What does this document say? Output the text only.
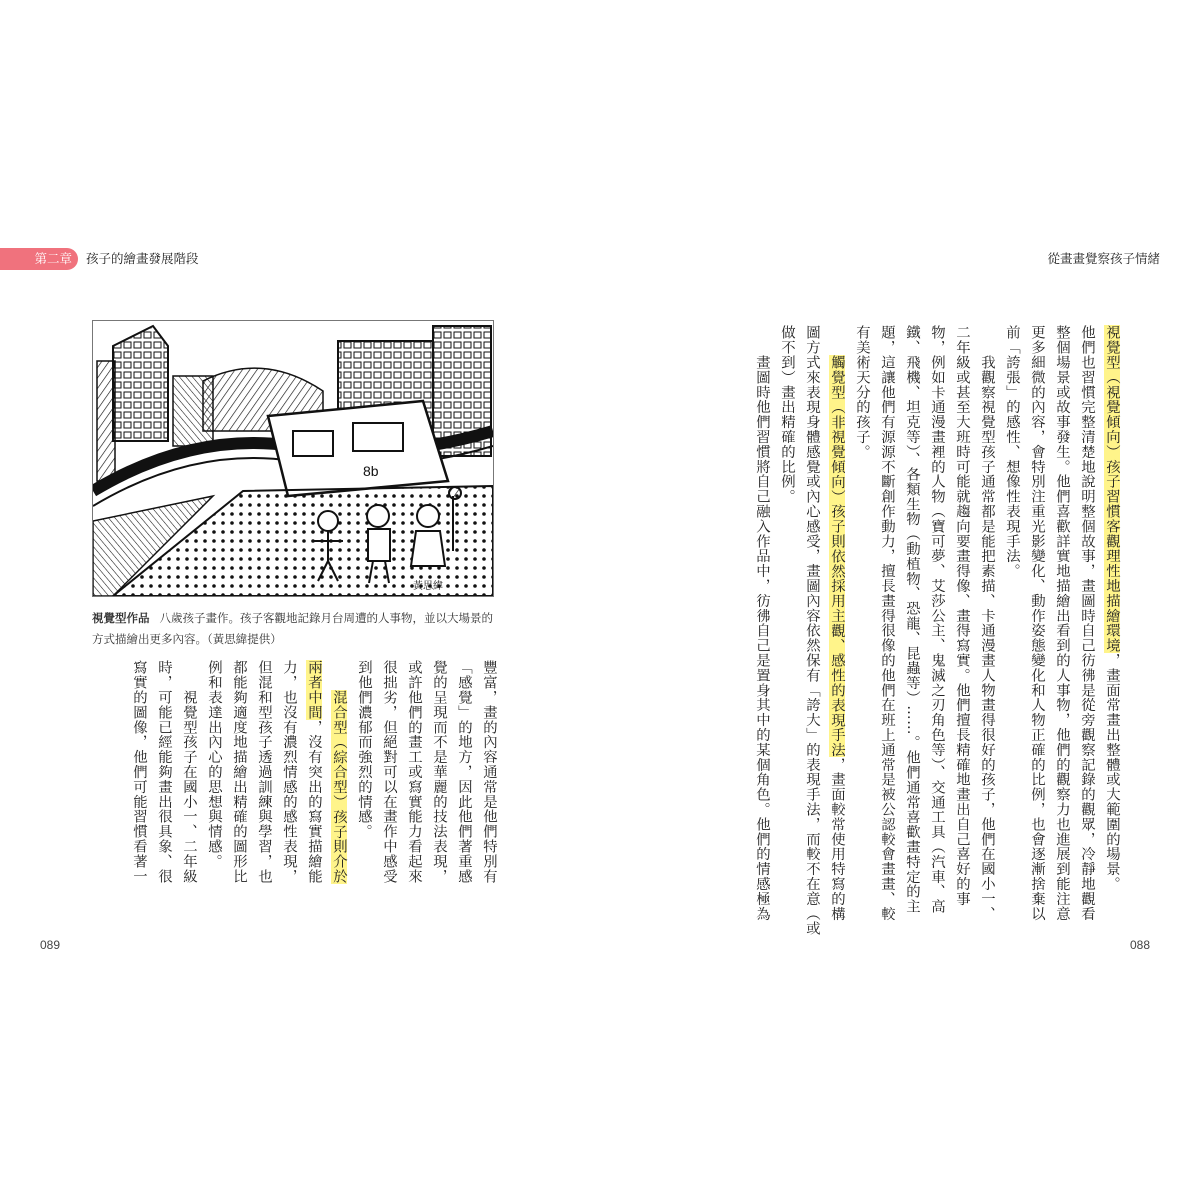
第二章	孩子的繪畫發展階段	從畫畫覺察孩子情緒
8b
黃思緯
視覺型作品 八歲孩子畫作。孩子客觀地記錄月台周遭的人事物，並以大場景的方式描繪出更多內容。（黃思緯提供）
豐富，畫的內容通常是他們特別有
「感覺」的地方，因此他們著重感
覺的呈現而不是華麗的技法表現，
或許他們的畫工或寫實能力看起來
很拙劣，但絕對可以在畫作中感受
到他們濃郁而強烈的情感。
　　混合型（綜合型）孩子則介於
兩者中間，沒有突出的寫實描繪能
力，也沒有濃烈情感的感性表現，
但混和型孩子透過訓練與學習，也
都能夠適度地描繪出精確的圖形比
例和表達出內心的思想與情感。
　　視覺型孩子在國小一、二年級
時，可能已經能夠畫出很具象、很
寫實的圖像，他們可能習慣看著一
視覺型（視覺傾向）孩子習慣客觀理性地描繪環境，畫面常畫出整體或大範圍的場景。
他們也習慣完整清楚地說明整個故事，畫圖時自己彷彿是從旁觀察記錄的觀眾，冷靜地觀看
整個場景或故事發生。他們喜歡詳實地描繪出看到的人事物，他們的觀察力也進展到能注意
更多細微的內容，會特別注重光影變化、動作姿態變化和人物正確的比例，也會逐漸捨棄以
前「誇張」的感性、想像性表現手法。
　　我觀察視覺型孩子通常都是能把素描、卡通漫畫人物畫得很好的孩子，他們在國小一、
二年級或甚至大班時可能就趨向要畫得像、畫得寫實。他們擅長精確地畫出自己喜好的事
物，例如卡通漫畫裡的人物（寶可夢、艾莎公主、鬼滅之刃角色等）、交通工具（汽車、高
鐵、飛機、坦克等）、各類生物（動植物、恐龍、昆蟲等）……。他們通常喜歡畫特定的主
題，這讓他們有源源不斷創作動力，擅長畫得很像的他們在班上通常是被公認較會畫畫、較
有美術天分的孩子。
　　觸覺型（非視覺傾向）孩子則依然採用主觀、感性的表現手法，畫面較常使用特寫的構
圖方式來表現身體感覺或內心感受，畫圖內容依然保有「誇大」的表現手法，而較不在意（或
做不到）畫出精確的比例。
　　畫圖時他們習慣將自己融入作品中，彷彿自己是置身其中的某個角色。他們的情感極為
089	088
